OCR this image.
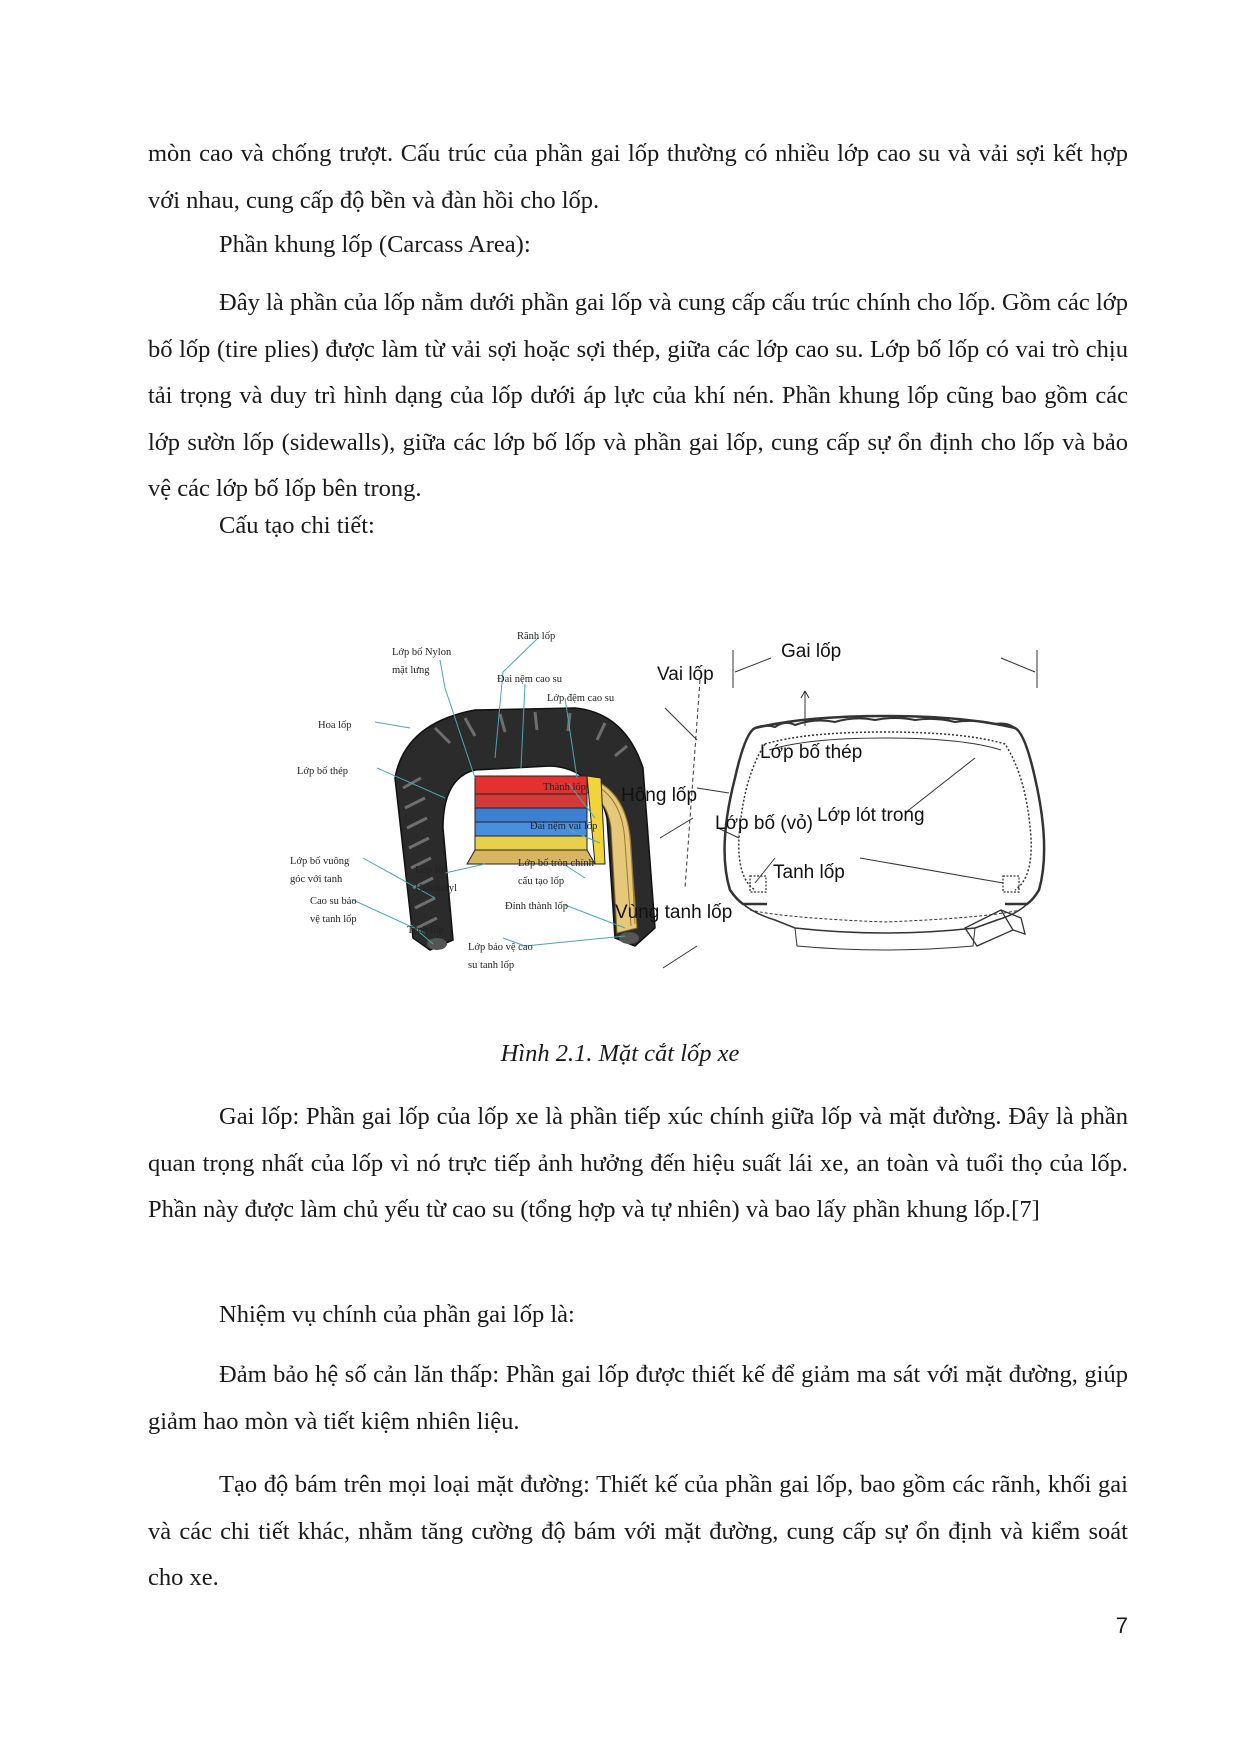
mòn cao và chống trượt. Cấu trúc của phần gai lốp thường có nhiều lớp cao su và vải sợi kết hợp với nhau, cung cấp độ bền và đàn hồi cho lốp.

Phần khung lốp (Carcass Area):

Đây là phần của lốp nằm dưới phần gai lốp và cung cấp cấu trúc chính cho lốp. Gồm các lớp bố lốp (tire plies) được làm từ vải sợi hoặc sợi thép, giữa các lớp cao su. Lớp bố lốp có vai trò chịu tải trọng và duy trì hình dạng của lốp dưới áp lực của khí nén. Phần khung lốp cũng bao gồm các lớp sườn lốp (sidewalls), giữa các lớp bố lốp và phần gai lốp, cung cấp sự ổn định cho lốp và bảo vệ các lớp bố lốp bên trong.

Cấu tạo chi tiết:

Rãnh lốp
Lớp bố Nylon
mặt lưng
Đai nệm cao su
Lớp đệm cao su
Hoa lốp
Lớp bố thép
Thành lốp
Đai nệm vai lốp
Lớp bố vuông
góc với tanh
Lớp lót
Halobutyl
Lớp bố tròn chính
cấu tạo lốp
Cao su bảo
vệ tanh lốp
Đỉnh thành lốp
Tanh lốp
Lớp bảo vệ cao
su tanh lốp
Gai lốp
Vai lốp
Lớp bố thép
Hông lốp
Lớp bố (vỏ) Lớp lót trong
Tanh lốp
Vùng tanh lốp
Hình 2.1. Mặt cắt lốp xe

Gai lốp: Phần gai lốp của lốp xe là phần tiếp xúc chính giữa lốp và mặt đường. Đây là phần quan trọng nhất của lốp vì nó trực tiếp ảnh hưởng đến hiệu suất lái xe, an toàn và tuổi thọ của lốp. Phần này được làm chủ yếu từ cao su (tổng hợp và tự nhiên) và bao lấy phần khung lốp.[7]

Nhiệm vụ chính của phần gai lốp là:

Đảm bảo hệ số cản lăn thấp: Phần gai lốp được thiết kế để giảm ma sát với mặt đường, giúp giảm hao mòn và tiết kiệm nhiên liệu.

Tạo độ bám trên mọi loại mặt đường: Thiết kế của phần gai lốp, bao gồm các rãnh, khối gai và các chi tiết khác, nhằm tăng cường độ bám với mặt đường, cung cấp sự ổn định và kiểm soát cho xe.

7
